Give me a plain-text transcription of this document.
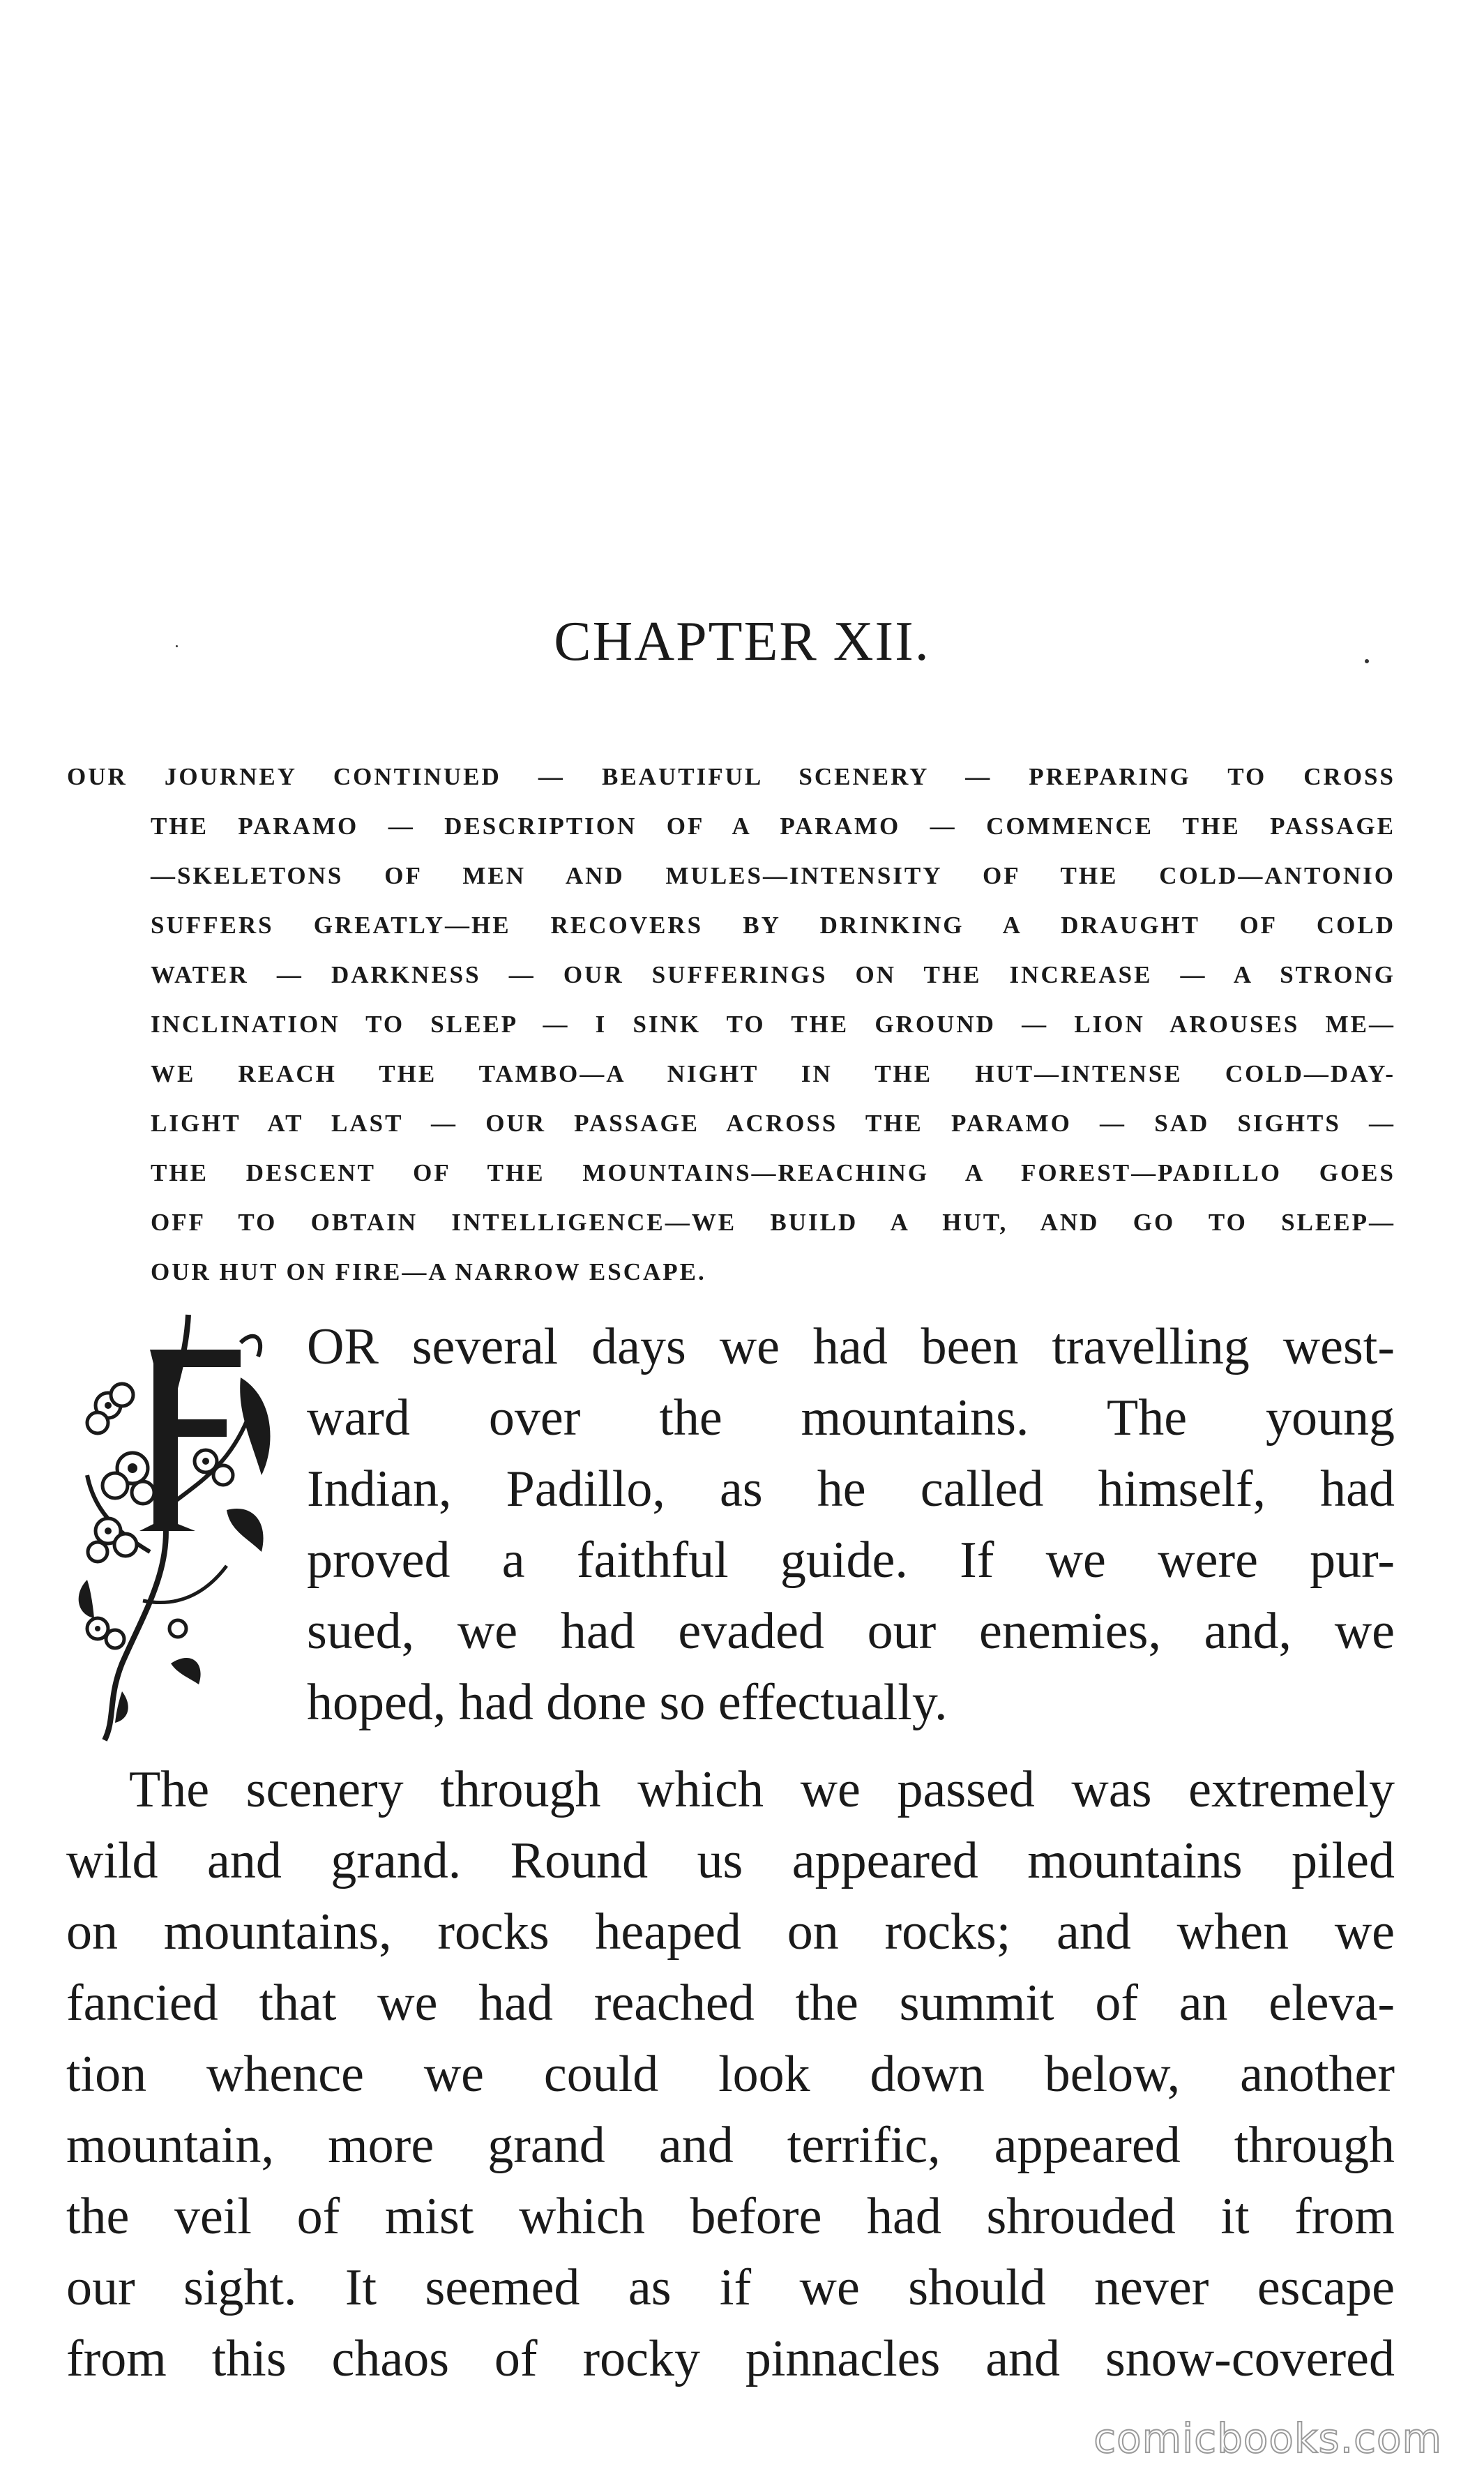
CHAPTER XII.
OUR JOURNEY CONTINUED — BEAUTIFUL SCENERY — PREPARING TO CROSS
THE PARAMO — DESCRIPTION OF A PARAMO — COMMENCE THE PASSAGE
—SKELETONS OF MEN AND MULES—INTENSITY OF THE COLD—ANTONIO
SUFFERS GREATLY—HE RECOVERS BY DRINKING A DRAUGHT OF COLD
WATER — DARKNESS — OUR SUFFERINGS ON THE INCREASE — A STRONG
INCLINATION TO SLEEP — I SINK TO THE GROUND — LION AROUSES ME—
WE REACH THE TAMBO—A NIGHT IN THE HUT—INTENSE COLD—DAY-
LIGHT AT LAST — OUR PASSAGE ACROSS THE PARAMO — SAD SIGHTS —
THE DESCENT OF THE MOUNTAINS—REACHING A FOREST—PADILLO GOES
OFF TO OBTAIN INTELLIGENCE—WE BUILD A HUT, AND GO TO SLEEP—
OUR HUT ON FIRE—A NARROW ESCAPE.
OR several days we had been travelling west-
ward over the mountains. The young
Indian, Padillo, as he called himself, had
proved a faithful guide. If we were pur-
sued, we had evaded our enemies, and, we
hoped, had done so effectually.
The scenery through which we passed was extremely
wild and grand. Round us appeared mountains piled
on mountains, rocks heaped on rocks; and when we
fancied that we had reached the summit of an eleva-
tion whence we could look down below, another
mountain, more grand and terrific, appeared through
the veil of mist which before had shrouded it from
our sight. It seemed as if we should never escape
from this chaos of rocky pinnacles and snow-covered
comicbooks.com
